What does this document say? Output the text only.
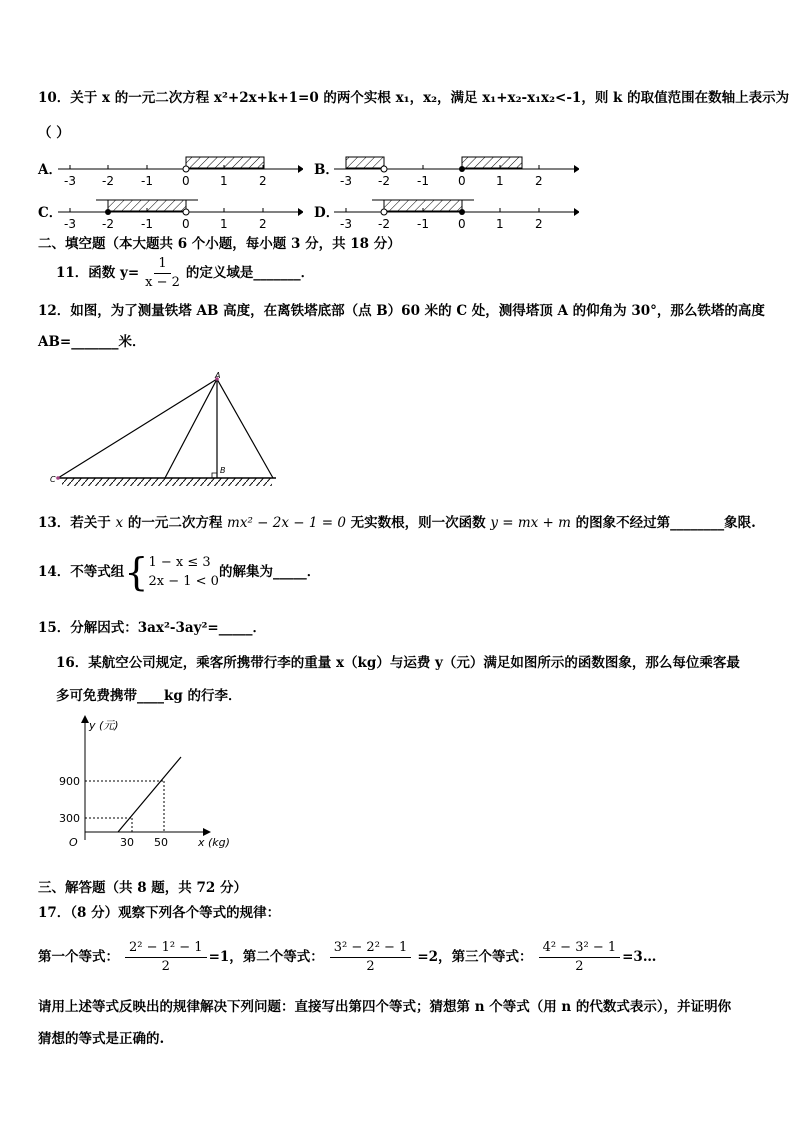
10．关于 x 的一元二次方程 x²+2x+k+1=0 的两个实根 x₁，x₂，满足 x₁+x₂-x₁x₂<-1，则 k 的取值范围在数轴上表示为
（ ）
A．
-3 -2 -1 0	1	2
B．
-3 -2 -1 0	1	2
C．
-3 -2 -1 0	1	2
D．
-3 -2 -1 0	1	2
二、填空题（本大题共 6 个小题，每小题 3 分，共 18 分）
11．函数 $y= \frac{1}{x - 2}$ 的定义域是_______．
12．如图，为了测量铁塔 AB 高度，在离铁塔底部（点 B）60 米的 C 处，测得塔顶 A 的仰角为 30°，那么铁塔的高度
AB=_______米．
A
B
C
13．若关于 x 的一元二次方程 mx² − 2x − 1 = 0 无实数根，则一次函数 y = mx + m 的图象不经过第________象限.
14．不等式组 { 1 − x ≤ 3
2x − 1 < 0
的解集为_____．
15．分解因式：3ax²-3ay²=_____．
16．某航空公司规定，乘客所携带行李的重量 x（kg）与运费 y（元）满足如图所示的函数图象，那么每位乘客最
多可免费携带____kg 的行李．
y (元)
x (kg)
O
900
300
30 50
三、解答题（共 8 题，共 72 分）
17．（8 分）观察下列各个等式的规律：
第一个等式： $\frac{\text{2² − 1² − 1}}{2} =1$， 第二个等式： $\frac{\text{3² − 2² − 1}}{2} =2$， 第三个等式： $\frac{\text{4² − 3² − 1}}{2}$ =3…
请用上述等式反映出的规律解决下列问题：直接写出第四个等式；猜想第 n 个等式（用 n 的代数式表示），并证明你
猜想的等式是正确的.
